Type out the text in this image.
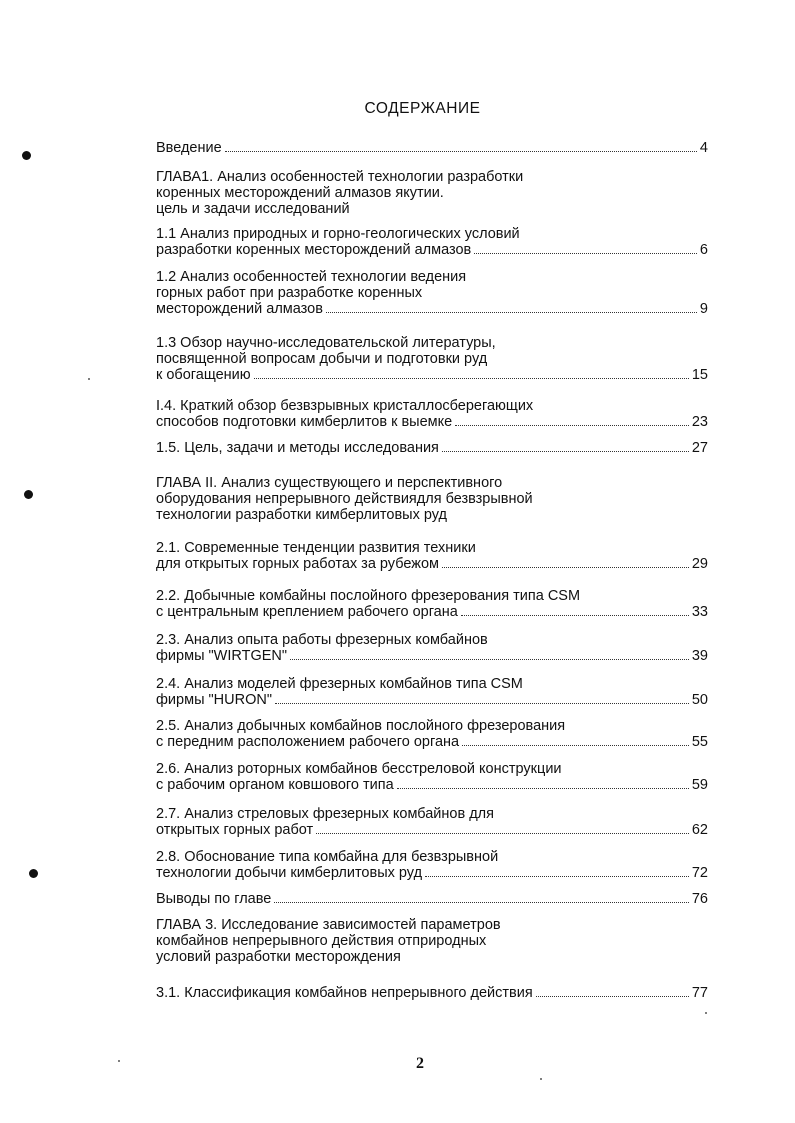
СОДЕРЖАНИЕ
Введение	4
ГЛАВА1. Анализ особенностей технологии разработки
коренных месторождений алмазов якутии.
цель и задачи исследований
1.1 Анализ природных и горно-геологических условий
разработки коренных месторождений алмазов	6
1.2 Анализ особенностей технологии ведения
горных работ при разработке коренных
месторождений алмазов	9
1.3 Обзор научно-исследовательской литературы,
посвященной вопросам добычи и подготовки руд
к обогащению	15
I.4. Краткий обзор безвзрывных кристаллосберегающих
способов подготовки кимберлитов к выемке	23
1.5. Цель, задачи и методы исследования	27
ГЛАВА II. Анализ существующего и перспективного
оборудования непрерывного действиядля безвзрывной
технологии разработки кимберлитовых руд
2.1. Современные тенденции развития техники
для открытых горных работах за рубежом	29
2.2. Добычные комбайны послойного фрезерования типа CSM
с центральным креплением рабочего органа	33
2.3. Анализ опыта работы фрезерных комбайнов
фирмы "WIRTGEN"	39
2.4. Анализ моделей фрезерных комбайнов типа CSM
фирмы "HURON"	50
2.5. Анализ добычных комбайнов послойного фрезерования
с передним расположением рабочего органа	55
2.6. Анализ роторных комбайнов бесстреловой конструкции
с рабочим органом ковшового типа	59
2.7. Анализ стреловых фрезерных комбайнов для
открытых горных работ	62
2.8. Обоснование типа комбайна для безвзрывной
технологии добычи кимберлитовых руд	72
Выводы по главе	76
ГЛАВА 3. Исследование зависимостей параметров
комбайнов непрерывного действия отприродных
условий разработки месторождения
3.1. Классификация комбайнов непрерывного действия	77
2
